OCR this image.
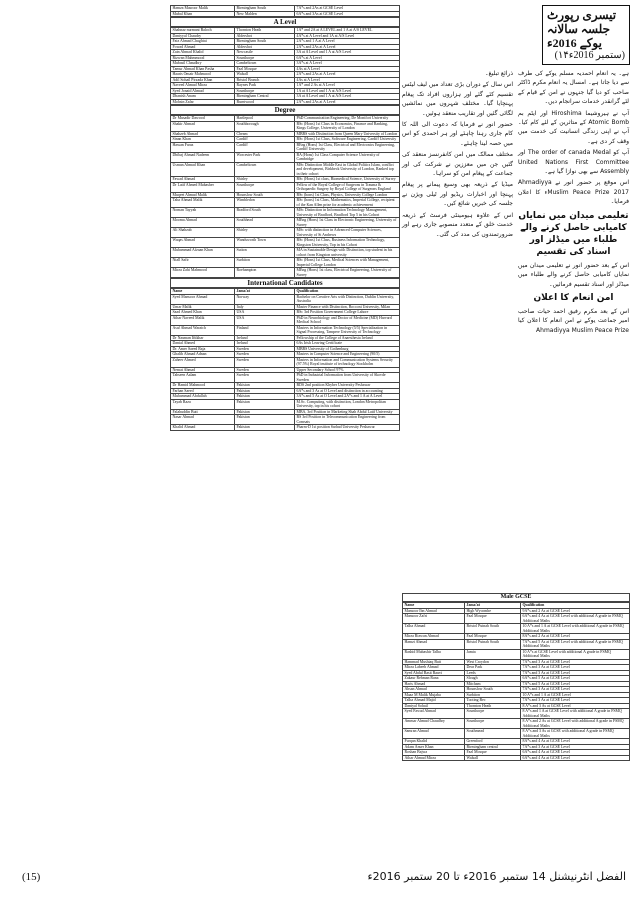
Hamza Masroor Malik	Birmingham South	7A*s and 2As at GCSE Level
Mubal Khan	New Malden	6A*s and 3As at GCSE Level
A Level
Shahnaz nurmani Baloch	Thornton Heath	1A* and 2A at A LEVEL and 1 A at A/S LEVEL
Daniyyal Chaudry	Aldershot	4A*s at A Level and 1A at A/S Level
Faiz Ahmad Chughtai	Birmingham South	2A*s and 1 A at A Level
Fowad Ahmad	Aldershot	2A*s and 2As at A Level
Zain Ahmad Khalid	Newcastle	3A at A Level and 1 A at A/S Level
Rizwan Mahmmood	Scunthorpe	6A*s at A Level
Mubasil Chaudhry	Cambeltown	3A*s at A Level
Tamur Ahmad Khan Pasha	Fazl Mosque	4As at A Level
Haaris Omair Mahmood	Walsall	2A*s and 2As at A Level
Adil Sohail Pirzada Khan	Bristol Branch	4As at A Level
Naveed Ahmad Mirza	Raynes Park	1A* and 2 As at A Level
Syed Jonaid Ahmad	Scunthorpe	1A at A Level and 1 A at A/S Level
Dhanish Anam	Birmingham Central	3A at A Level and 1 A at A/S Level
Mohsin Zafar	Burntwood	2A*s and 2As at A Level
Degree
Dr Musadir Dawood	Hartlepool	PhD Communication Engineering, De Montfort University
Shakir Ahmad	Southborough	BSc (Hons) 1st Class in Economics, Finance and Banking, Kings College, University of London
Shahzeb Ahmad	Cheam	MBBS with Distinction from Queen Mary University of London
Sinan Khan	Cardiff	BSc (Hons) 1st Class, Software Engineering, Cardiff University
Hassan Faraz	Cardiff	BEng (Hons) 1st Class, Electrical and Electronics Engineering, Cardiff University
Dhibaj Ahmad Nadeem	Worcester Park	BA (Hons) 1st Class Computer Science University of Cambridge
Usman Ahmad Khan	Cambeltown	MSc Distinction Middle East in Global Politics Islam, conflict and development, Birkbeck University of London, Ranked top in their cohort
Fawad Ahmad	Shirley	BSc (Hons) 1st class, Biomedical Science, University of Surrey
Dr Latif Ahmed Mubasher	Scunthorpe	Fellow of the Royal College of Surgeons in Trauma & Orthopaedic Surgery by Royal College of Surgeons England
Muqeet Ahmad Malik	Hounslow South	BSc (hons) 1st Class, Physics, University College London
Taha Ahmad Malik	Wimbledon	BSc (hons) 1st Class, Mathematics, Imperial College, recipient of the Kan Allen prize for academic achievement
Noman Tayyab	Bradford South	MSc Distinction in Information Technology Management, University of Bradford, Bradford Top 5 in his Cohort
Mooma Ahmad	Southhead	MEng (Hons) 1st Class in Electronic Engineering, University of Surrey
Ali Shahzab	Shirley	MSc with distinction in Advanced Computer Sciences, University of St Andrews
Waqas Ahmad	Wandsworth Town	BSc (Hons) 1st Class, Business Information Technology, Kingston University, Top in his Cohort
Muhammad Afzaan Khan	Sutton	MA in Sustainable Design with Distinction, top student in his cohort from Kingston university
Niall Safir	Surbiton	BSc (Hons) 1st Class, Medical Sciences with Management, Imperial College London
Mirza Zahi Mahmood	Roehampton	MEng (Hons) 1st class, Electrical Engineering, University of Surrey
International Candidates
Name	Jama'at	Qualification
Syed Mansoor Ahmad	Norway	Bachelor on Creative Arts with Distinction, Dublin University, Australia
Umar Malik	Italy	Master Finance with Distinction, Bocconi University, Milan
Saad Ahmed Khan	USA	BSc 3rd Position Government College Lahore
Athar Naveed Malik	USA	PhD in Neurobiology and Doctor of Medicine (MD) Harvard Medical School
Asaf Ahmad Waraich	Finland	Masters in Information Technology (5/5) Specialization in Signal Processing, Tampere University of Technology
Dr Nauman Iftikhar	Ireland	Fellowship of the College of Anaesthesia Ireland
Danial Ahmed	Ireland	6As Irish Leaving Certificate
Dr. Amer Saeed Raja	Sweden	MBBS University of Gothenburg
Ghalib Ahmad Adnan	Sweden	Masters in Computer Science and Engineering (90/5)
Zaheer Ahmed	Sweden	Masters in Information and Communication Systems Security (97.5%) Royal institute of technology Stockholm
Nemat Ahmad	Sweden	Upper Secondary School 97%
Tahseen Aalam	Sweden	PhD in Industrial Information from University of Skovde Sweden
Dr Hamid Mahmood	Pakistan	BDS 2nd position Khyber University Peshawar
Farhan Saeed	Pakistan	6A*s and 3 As at O Level and distinction in accounting
Muhammad Abdullah	Pakistan	3A*s and 5 As at O Level and 2A*s and 1 A at A Level
Tayab Raza	Pakistan	M.Sc. Computing, with distinction, London Metropolitan University, top in his cohort
Falahuddin Butt	Pakistan	MBA, 3rd Position in Marketing Shah Abdul Latif University
Nasar Ahmad	Pakistan	BS 3rd Position in Telecommunication Engineering from Comsats
Khalid Ahmad	Pakistan	Pharm-D 1st position Sarhad University Peshawar
تیسری رپورٹ جلسہ سالانہ یوکے 2016ء
(۱۴ستمبر 2016ء)

ذرائع تبلیغ۔

اس سال کے دوران بڑی تعداد میں لیف لیٹس تقسیم کئے گئے اور ہزاروں افراد تک پیغام پہنچایا گیا۔ مختلف شہروں میں نمائشیں لگائی گئیں اور تقاریب منعقد ہوئیں۔

حضور انور نے فرمایا کہ دعوت الی اللہ کا کام جاری رہنا چاہئے اور ہر احمدی کو اس میں حصہ لینا چاہئے۔

مختلف ممالک میں امن کانفرنسز منعقد کی گئیں جن میں معززین نے شرکت کی اور جماعت کے پیغام امن کو سراہا۔

میڈیا کے ذریعہ بھی وسیع پیمانے پر پیغام پہنچا اور اخبارات ریڈیو اور ٹیلی ویژن نے جلسہ کی خبریں شائع کیں۔

اس کے علاوہ ہیومینٹی فرسٹ کے ذریعہ خدمت خلق کے متعدد منصوبے جاری رہے اور ضرورتمندوں کی مدد کی گئی۔

ہے۔ یہ انعام احمدیہ مسلم یوکے کی طرف سے دیا جاتا ہے۔ امسال یہ انعام مکرم ڈاکٹر صاحب کو دیا گیا جنہوں نے امن کے قیام کے لئے گرانقدر خدمات سرانجام دیں۔

آپ نے ہیروشیما Hiroshima اور ایٹم بم Atomic Bomb کے متاثرین کے لئے کام کیا۔ آپ نے اپنی زندگی انسانیت کی خدمت میں وقف کر دی ہے۔

آپ کو The order of canada Medal اور United Nations First Committee Assembly سے بھی نوازا گیا ہے۔

اس موقع پر حضور انور نے Ahmadiyya Muslim Peace Prize 2017ء کا اعلان فرمایا۔

تعلیمی میدان میں نمایاں کامیابی حاصل کرنے والے طلباء میں میڈلز اور اسناد کی تقسیم

اس کے بعد حضور انور نے تعلیمی میدان میں نمایاں کامیابی حاصل کرنے والے طلباء میں میڈلز اور اسناد تقسیم فرمائیں۔

امن انعام کا اعلان

اس کے بعد مکرم رفیق احمد حیات صاحب امیر جماعت یوکے نے امن انعام کا اعلان کیا Ahmadiyya Muslim Peace Prize

Male GCSE
Name	Jama'at	Qualification
Mansoor Ibn Ahmad	High Wycombe	9A*s and 2 As at GCSE Level
Mansoor Zafri	Fazl Mosque	6A*s and 4 As at GCSE Level with additional A grade in FSMQ Additional Maths
Talha Ahmad	Bristol Putnah South	10 A*s and 1 A at GCSE Level with additional A grade in FSMQ Additional Maths
Mirza Rizwan Ahmad	Fazl Mosque	8A*s and 2 As at GCSE Level
Hamzi Ahmad	Bristol Putnah South	7A*s and 5 As at GCSE Level with additional A grade in FSMQ Additional Maths
Rashid Mubashir Talha	Jamia	10 A*s at GCSE Level with additional A grade in FSMQ Additional Maths
Hammad Mushtaq Butt	West Croydon	7A*s and 3 As at GCSE Level
Mirza Labeeb Ahmad	Dear Park	7A*s and 3 As at GCSE Level
Syed Abdul Basit Rauvi	Leeds	7A*s and 3 As at GCSE Level
Zakaur Rehman Rana	Slough	6A*s and 5 As at GCSE Level
Haris Ahmad	Mitcham	7A*s and 5 As at GCSE Level
Ahsan Ahmad	Hounslow South	7A*s and 3 As at GCSE Level
Maaz M Malik Mujaba	Surbiton	10 A*s and 1 A at GCSE Level
Talha Ahmad Majid	Tooting Bec	7A*s and 3 As at GCSE Level
Daniyal Sohail	Thornton Heath	8 A*s and 3 As at GCSE Level
Syed Fawad Ahmad	Scunthorpe	8 A*s and 1 A at GCSE Level with additional A grade in FSMQ Additional Maths
Ammar Ahmad Chaudhry	Scunthorpe	8 A*s and 2 As at GCSE Level with additional A grade in FSMQ Additional Maths
Samran Ahmad	Southmead	8 A*s and 3 As at GCSE with additional A grade in FSMQ Additional Maths
Furqan Khalid	Greenford	8A*s and 4 As at GCSE Level
Adam Anser Khan	Birmingham central	7A*s and 3 As at GCSE Level
Roshan Bajwa	Fazl Mosque	6A*s and 4 As at GCSE Level
Athar Ahmad Mirza	Walsall	6A*s and 4 As at GCSE Level
(15)	الفضل انٹرنیشنل 14 ستمبر 2016ء تا 20 ستمبر 2016ء
